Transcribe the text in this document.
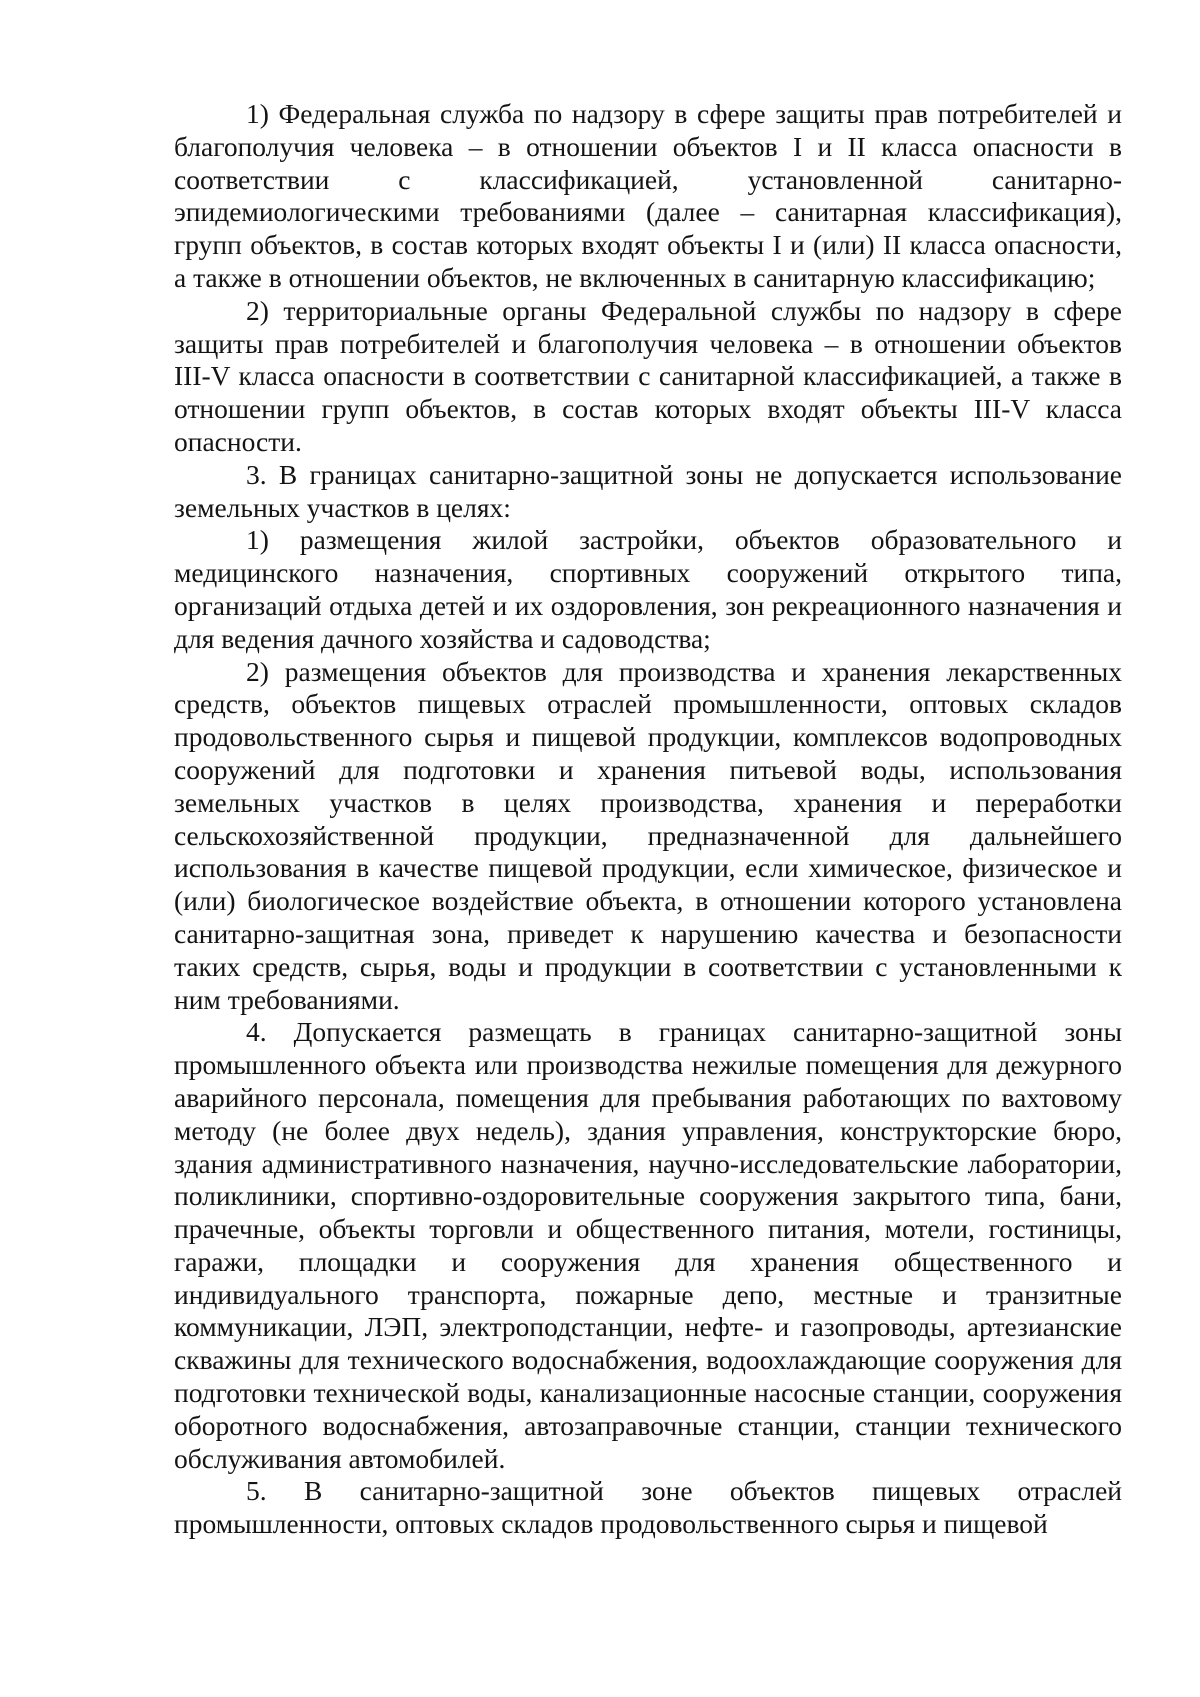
1) Федеральная служба по надзору в сфере защиты прав потребителей и благополучия человека – в отношении объектов I и II класса опасности в соответствии с классификацией, установленной санитарно-эпидемиологическими требованиями (далее – санитарная классификация), групп объектов, в состав которых входят объекты I и (или) II класса опасности, а также в отношении объектов, не включенных в санитарную классификацию;

2) территориальные органы Федеральной службы по надзору в сфере защиты прав потребителей и благополучия человека – в отношении объектов III-V класса опасности в соответствии с санитарной классификацией, а также в отношении групп объектов, в состав которых входят объекты III-V класса опасности.

3. В границах санитарно-защитной зоны не допускается использование земельных участков в целях:

1) размещения жилой застройки, объектов образовательного и медицинского назначения, спортивных сооружений открытого типа, организаций отдыха детей и их оздоровления, зон рекреационного назначения и для ведения дачного хозяйства и садоводства;

2) размещения объектов для производства и хранения лекарственных средств, объектов пищевых отраслей промышленности, оптовых складов продовольственного сырья и пищевой продукции, комплексов водопроводных сооружений для подготовки и хранения питьевой воды, использования земельных участков в целях производства, хранения и переработки сельскохозяйственной продукции, предназначенной для дальнейшего использования в качестве пищевой продукции, если химическое, физическое и (или) биологическое воздействие объекта, в отношении которого установлена санитарно-защитная зона, приведет к нарушению качества и безопасности таких средств, сырья, воды и продукции в соответствии с установленными к ним требованиями.

4. Допускается размещать в границах санитарно-защитной зоны промышленного объекта или производства нежилые помещения для дежурного аварийного персонала, помещения для пребывания работающих по вахтовому методу (не более двух недель), здания управления, конструкторские бюро, здания административного назначения, научно-исследовательские лаборатории, поликлиники, спортивно-оздоровительные сооружения закрытого типа, бани, прачечные, объекты торговли и общественного питания, мотели, гостиницы, гаражи, площадки и сооружения для хранения общественного и индивидуального транспорта, пожарные депо, местные и транзитные коммуникации, ЛЭП, электроподстанции, нефте- и газопроводы, артезианские скважины для технического водоснабжения, водоохлаждающие сооружения для подготовки технической воды, канализационные насосные станции, сооружения оборотного водоснабжения, автозаправочные станции, станции технического обслуживания автомобилей.

5. В санитарно-защитной зоне объектов пищевых отраслей промышленности, оптовых складов продовольственного сырья и пищевой
